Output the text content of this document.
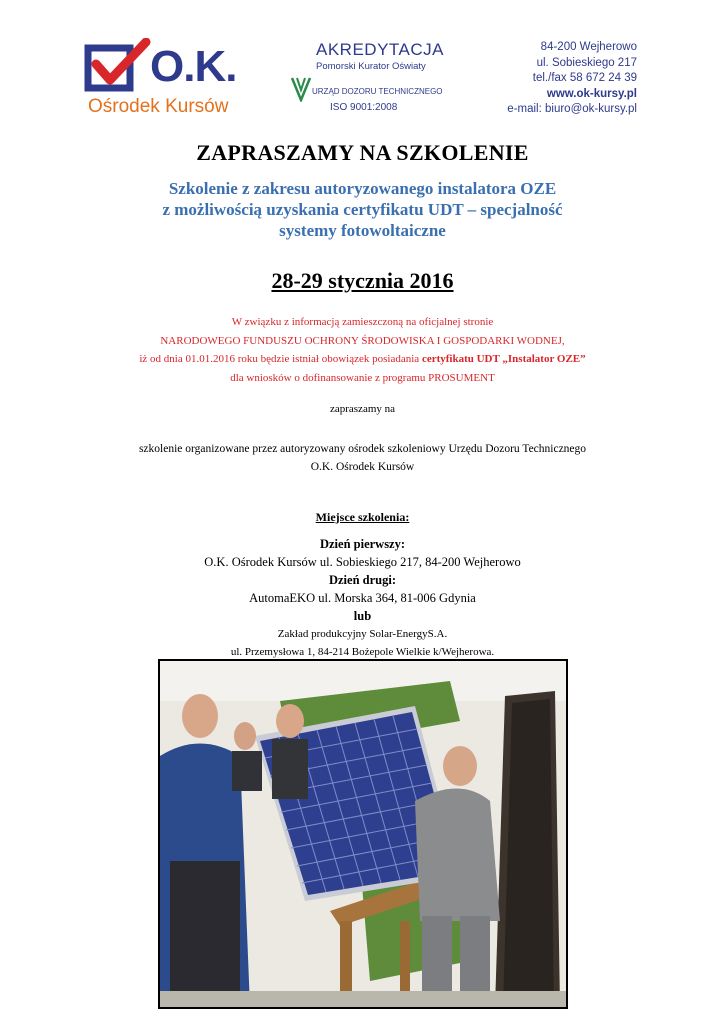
O.K.
Ośrodek Kursów
AKREDYTACJA
Pomorski Kurator Oświaty
URZĄD DOZORU TECHNICZNEGO
ISO 9001:2008
84-200 Wejherowo
ul. Sobieskiego 217
tel./fax 58 672 24 39
www.ok-kursy.pl
e-mail: biuro@ok-kursy.pl
ZAPRASZAMY NA SZKOLENIE
Szkolenie z zakresu autoryzowanego instalatora OZE
z możliwością uzyskania certyfikatu UDT – specjalność
systemy fotowoltaiczne
28-29 stycznia 2016
W związku z informacją zamieszczoną na oficjalnej stronie
NARODOWEGO FUNDUSZU OCHRONY ŚRODOWISKA I GOSPODARKI WODNEJ,
iż od dnia 01.01.2016 roku będzie istniał obowiązek posiadania certyfikatu UDT „Instalator OZE”
dla wniosków o dofinansowanie z programu PROSUMENT
zapraszamy na
szkolenie organizowane przez autoryzowany ośrodek szkoleniowy Urzędu Dozoru Technicznego
O.K. Ośrodek Kursów
Miejsce szkolenia:
Dzień pierwszy:
O.K. Ośrodek Kursów ul. Sobieskiego 217, 84-200 Wejherowo
Dzień drugi:
AutomaEKO ul. Morska 364, 81-006 Gdynia
lub
Zakład produkcyjny Solar-EnergyS.A.
ul. Przemysłowa 1, 84-214 Bożepole Wielkie k/Wejherowa.
